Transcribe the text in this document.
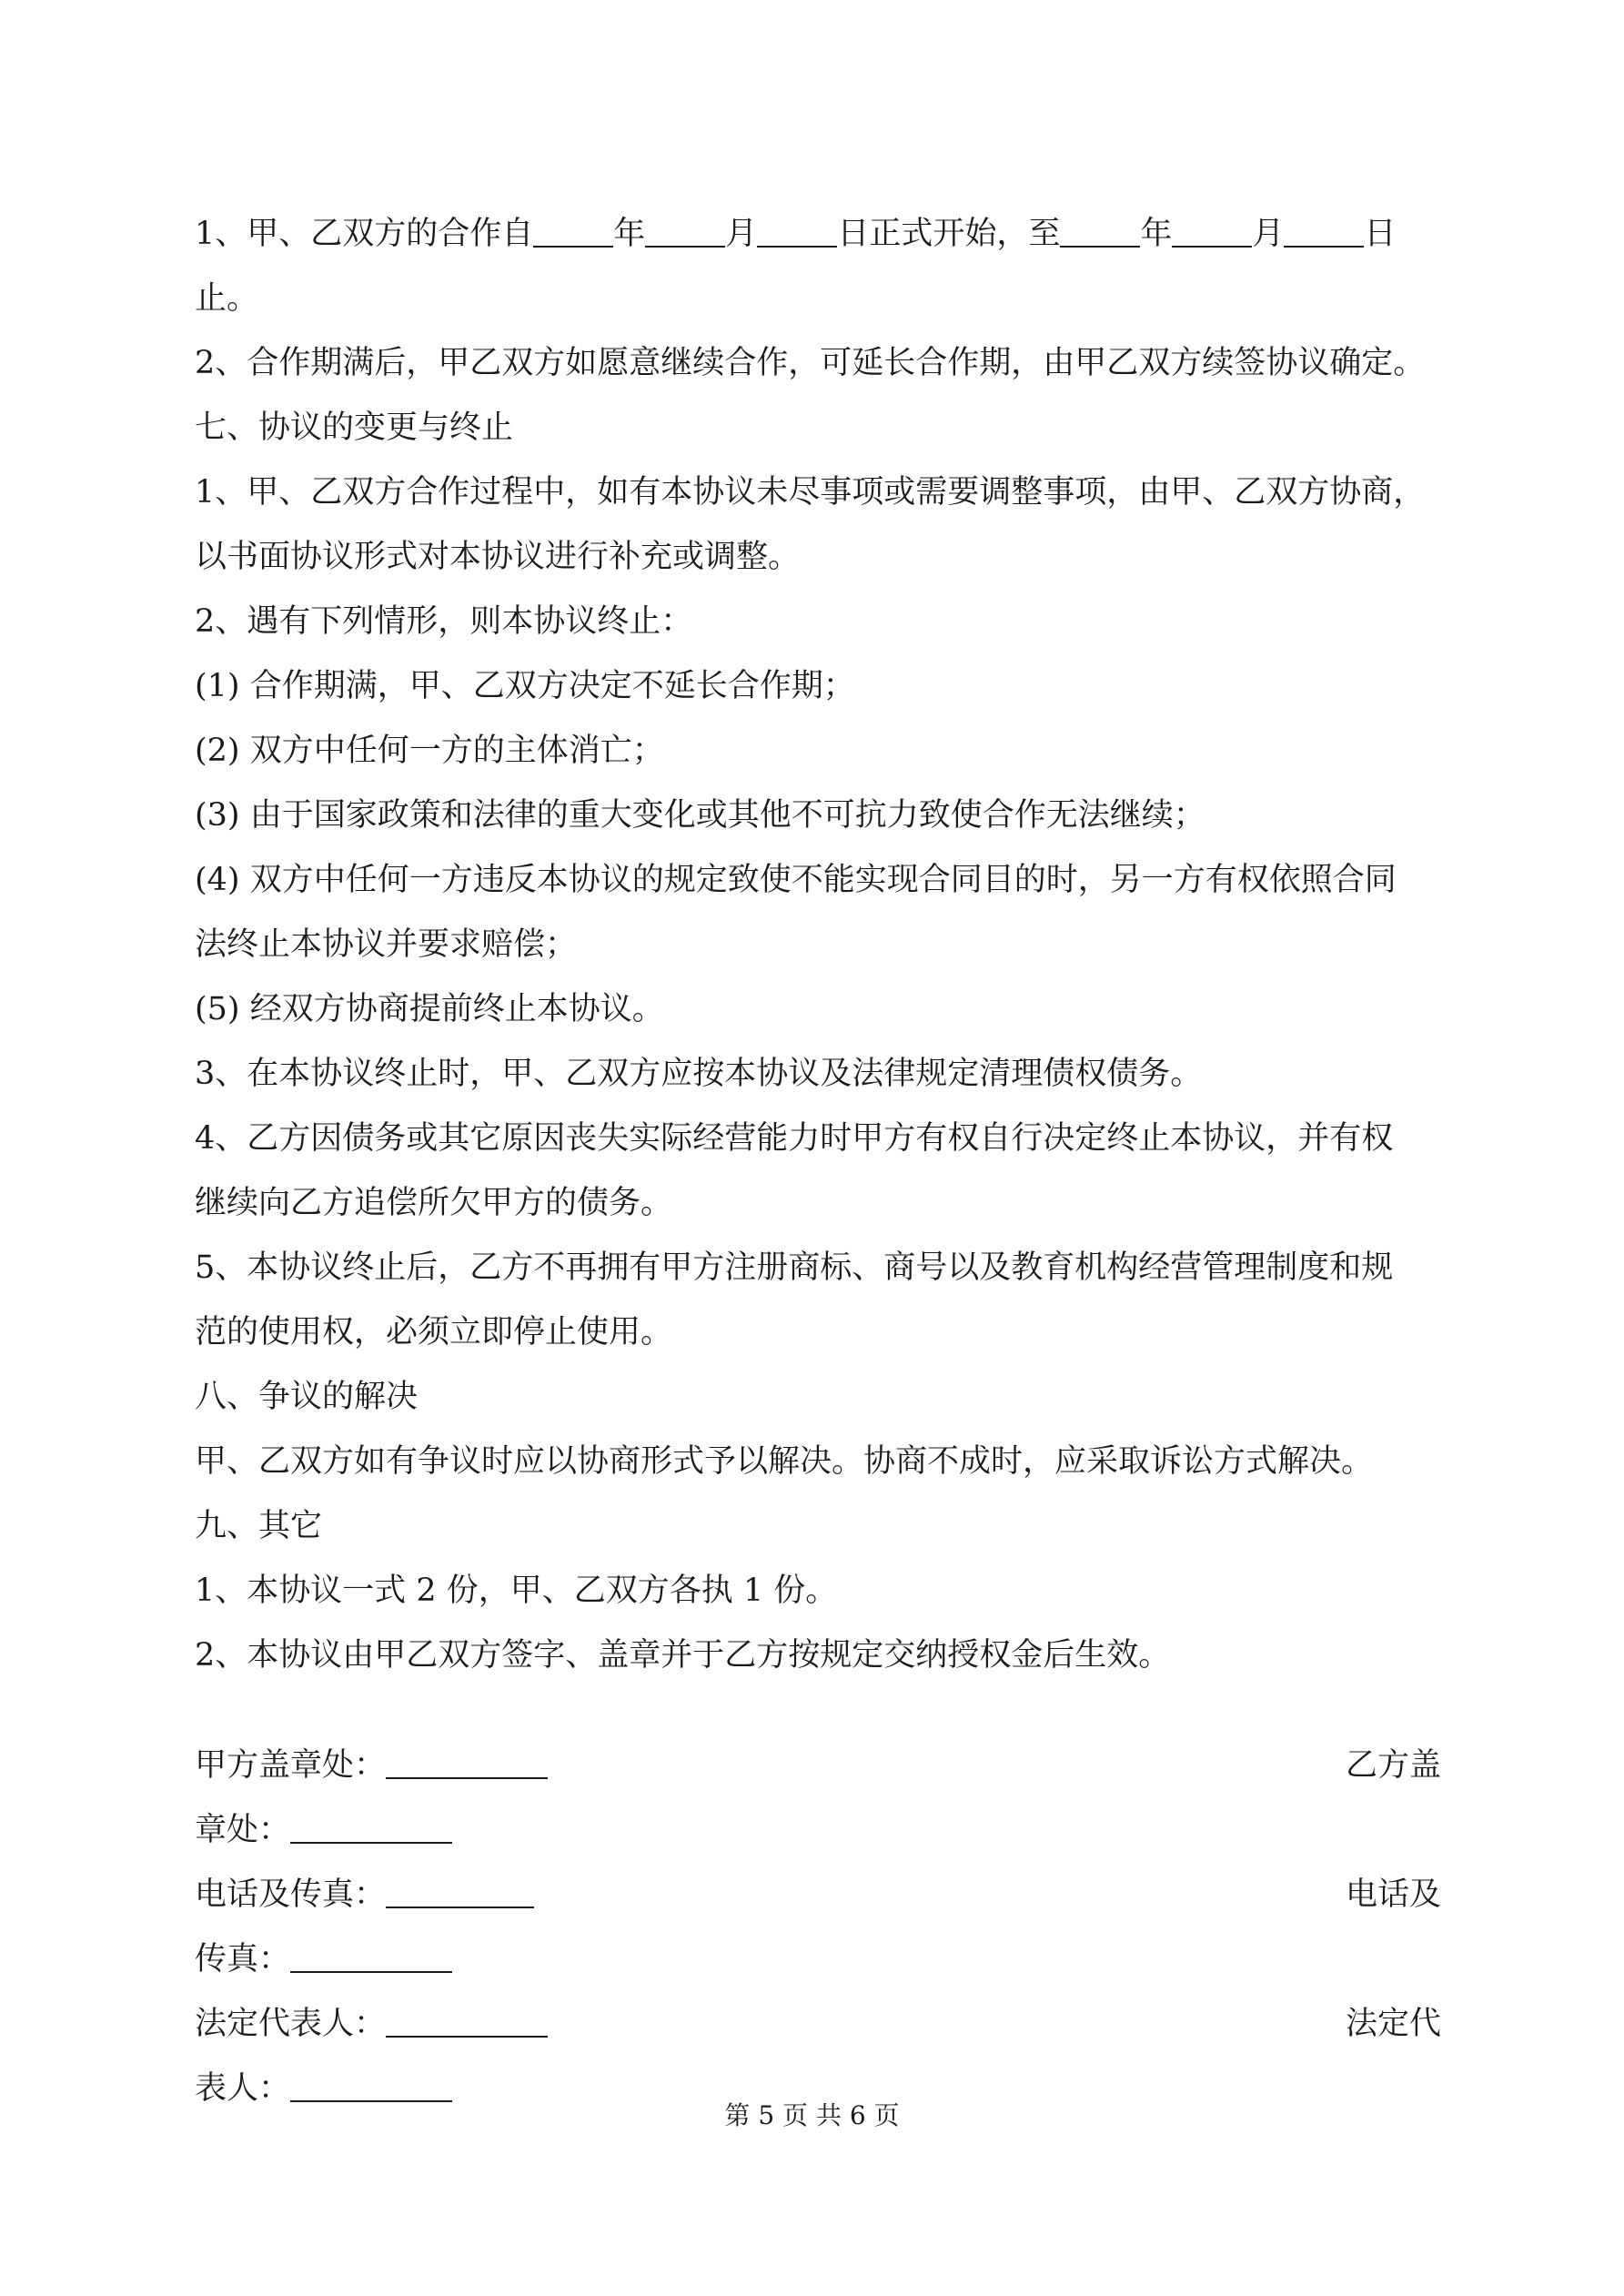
1、甲、乙双方的合作自	年	月	日正式开始，至	年	月	日

止。

2、合作期满后，甲乙双方如愿意继续合作，可延长合作期，由甲乙双方续签协议确定。

七、协议的变更与终止

1、甲、乙双方合作过程中，如有本协议未尽事项或需要调整事项，由甲、乙双方协商，

以书面协议形式对本协议进行补充或调整。

2、遇有下列情形，则本协议终止：

(1) 合作期满，甲、乙双方决定不延长合作期；

(2) 双方中任何一方的主体消亡；

(3) 由于国家政策和法律的重大变化或其他不可抗力致使合作无法继续；

(4) 双方中任何一方违反本协议的规定致使不能实现合同目的时，另一方有权依照合同

法终止本协议并要求赔偿；

(5) 经双方协商提前终止本协议。

3、在本协议终止时，甲、乙双方应按本协议及法律规定清理债权债务。

4、乙方因债务或其它原因丧失实际经营能力时甲方有权自行决定终止本协议，并有权

继续向乙方追偿所欠甲方的债务。

5、本协议终止后，乙方不再拥有甲方注册商标、商号以及教育机构经营管理制度和规

范的使用权，必须立即停止使用。

八、争议的解决

甲、乙双方如有争议时应以协商形式予以解决。协商不成时，应采取诉讼方式解决。

九、其它

1、本协议一式 2 份，甲、乙双方各执 1 份。

2、本协议由甲乙双方签字、盖章并于乙方按规定交纳授权金后生效。

甲方盖章处：	乙方盖
章处：
电话及传真：	电话及
传真：
法定代表人：	法定代
表人：
第 5 页 共 6 页
